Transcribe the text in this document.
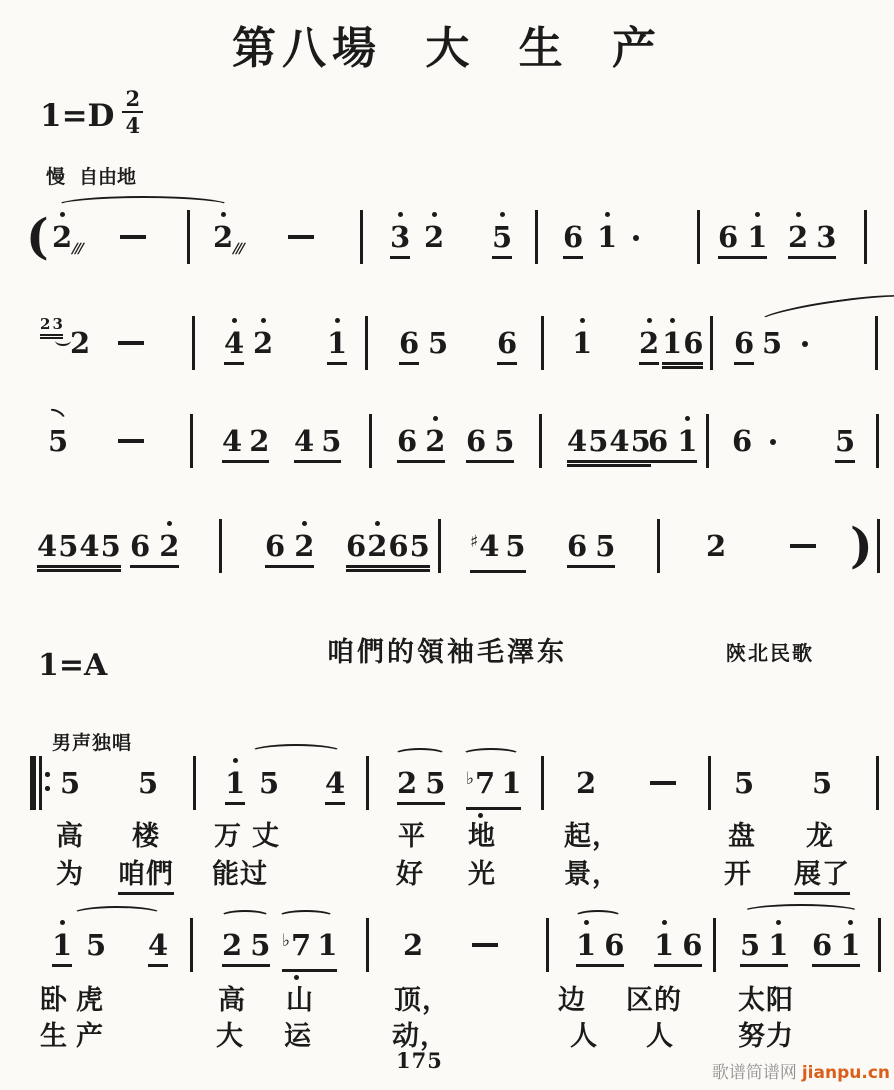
第八場 大 生 产
$1=D \frac{2}{4}$
慢 自由地
( 2
///	2
///	3 2 5 6 1	6 1 2 3
2 3
2	4 2 1 6 5 6 1 2 1
6 6 5
5	4 2 4 5 6 2 6 5 4545
6 1 6	5
4545 6 2	6 2 62
65 ♯4 5 6 5	2	)
5 5 1 5 4 2 5 ♭7 1 2	5 5
高 楼 万 丈	平 地	起，	盘 龙
为 咱們 能过	好 光	景，	开 展了
1 5 4 2 5 ♭7 1 2	1 6 1 6 5 1 6 1
卧 虎	高 山	顶，	边 区的 太阳
生 产	大 运	动，	人 人 努力
咱們的領袖毛澤东	陝北民歌
1=A
男声独唱
175	歌谱简谱网 jianpu.cn
